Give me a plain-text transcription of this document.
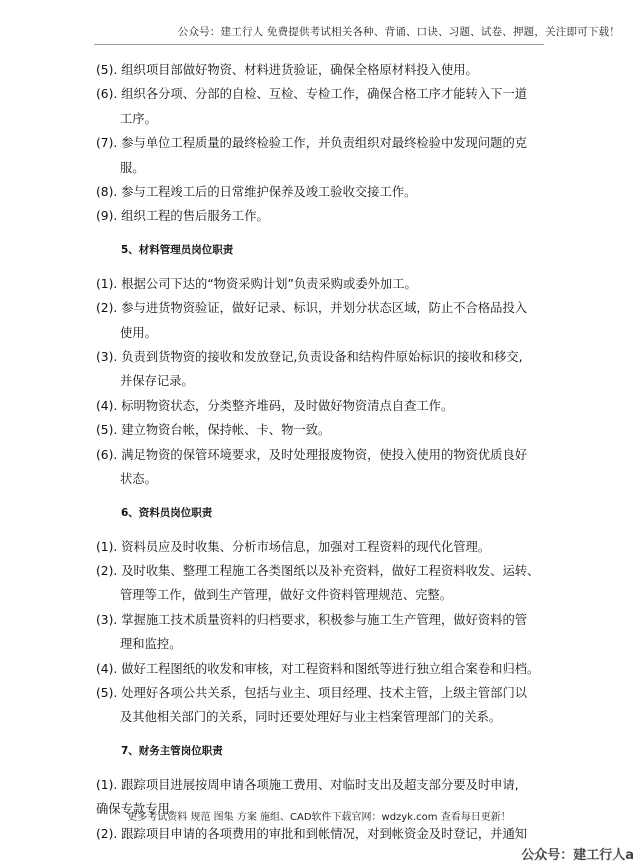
公众号：建工行人 免费提供考试相关各种、背诵、口诀、习题、试卷、押题，关注即可下载！

(5). 组织项目部做好物资、材料进货验证，确保全格原材料投入使用。

(6). 组织各分项、分部的自检、互检、专检工作，确保合格工序才能转入下一道

工序。

(7). 参与单位工程质量的最终检验工作，并负责组织对最终检验中发现问题的克

服。

(8). 参与工程竣工后的日常维护保养及竣工验收交接工作。

(9). 组织工程的售后服务工作。

5、材料管理员岗位职责

(1). 根据公司下达的“物资采购计划”负责采购或委外加工。

(2). 参与进货物资验证，做好记录、标识，并划分状态区域，防止不合格品投入

使用。

(3). 负责到货物资的接收和发放登记,负责设备和结构件原始标识的接收和移交,

并保存记录。

(4). 标明物资状态，分类整齐堆码，及时做好物资清点自查工作。

(5). 建立物资台帐，保持帐、卡、物一致。

(6). 满足物资的保管环境要求，及时处理报废物资，使投入使用的物资优质良好

状态。

6、资料员岗位职责

(1). 资料员应及时收集、分析市场信息，加强对工程资料的现代化管理。

(2). 及时收集、整理工程施工各类图纸以及补充资料，做好工程资料收发、运转、

管理等工作，做到生产管理，做好文件资料管理规范、完整。

(3). 掌握施工技术质量资料的归档要求，积极参与施工生产管理，做好资料的管

理和监控。

(4). 做好工程图纸的收发和审核，对工程资料和图纸等进行独立组合案卷和归档。

(5). 处理好各项公共关系，包括与业主、项目经理、技术主管，上级主管部门以

及其他相关部门的关系，同时还要处理好与业主档案管理部门的关系。

7、财务主管岗位职责

(1). 跟踪项目进展按周申请各项施工费用、对临时支出及超支部分要及时申请,

确保专款专用。

(2). 跟踪项目申请的各项费用的审批和到帐情况，对到帐资金及时登记，并通知

更多考试资料 规范 图集 方案 施组、CAD软件下载官网：wdzyk.com 查看每日更新！
公众号：建工行人a
